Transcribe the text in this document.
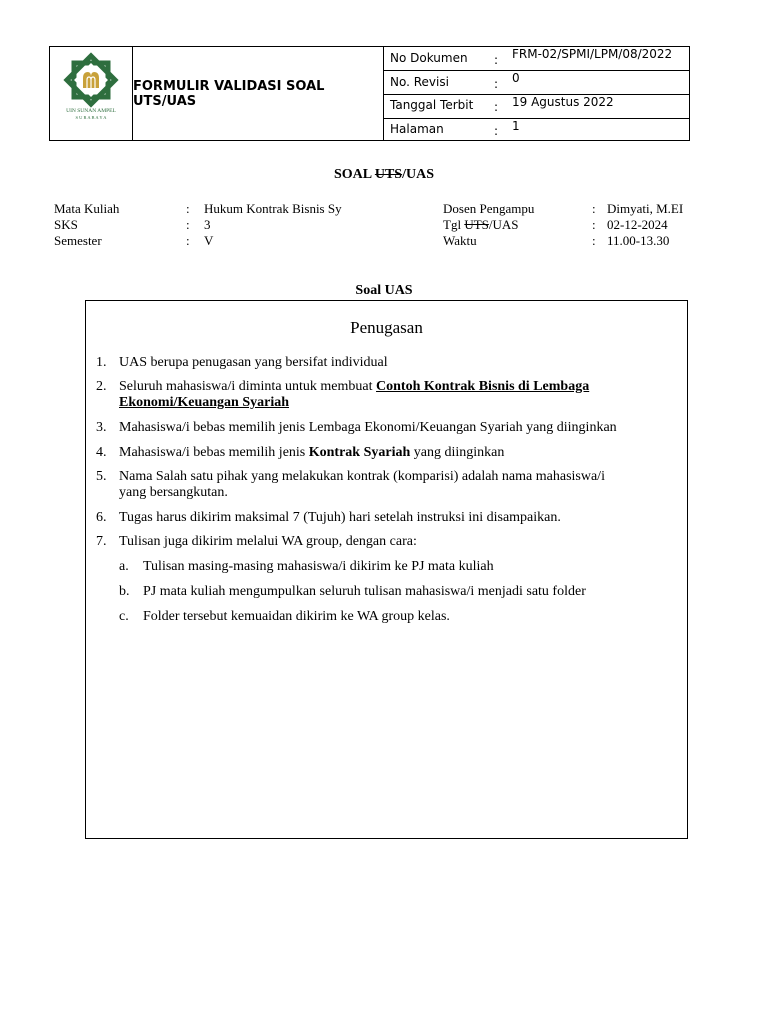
UIN SUNAN AMPEL
S U R A B A Y A
FORMULIR VALIDASI SOAL UTS/UAS
No Dokumen : FRM-02/SPMI/LPM/08/2022
No. Revisi	: 0
Tanggal Terbit : 19 Agustus 2022
Halaman	: 1
SOAL UTS/UAS
Mata Kuliah	: Hukum Kontrak Bisnis Sy
SKS	: 3
Semester	: V
Dosen Pengampu	: Dimyati, M.EI
Tgl UTS/UAS	: 02-12-2024
Waktu	: 11.00-13.30
Soal UAS
Penugasan
1. UAS berupa penugasan yang bersifat individual
2. Seluruh mahasiswa/i diminta untuk membuat Contoh Kontrak Bisnis di Lembaga
Ekonomi/Keuangan Syariah
3. Mahasiswa/i bebas memilih jenis Lembaga Ekonomi/Keuangan Syariah yang diinginkan
4. Mahasiswa/i bebas memilih jenis Kontrak Syariah yang diinginkan
5. Nama Salah satu pihak yang melakukan kontrak (komparisi) adalah nama mahasiswa/i
yang bersangkutan.
6. Tugas harus dikirim maksimal 7 (Tujuh) hari setelah instruksi ini disampaikan.
7. Tulisan juga dikirim melalui WA group, dengan cara:
a.	Tulisan masing-masing mahasiswa/i dikirim ke PJ mata kuliah
b. PJ mata kuliah mengumpulkan seluruh tulisan mahasiswa/i menjadi satu folder
c.	Folder tersebut kemuaidan dikirim ke WA group kelas.
